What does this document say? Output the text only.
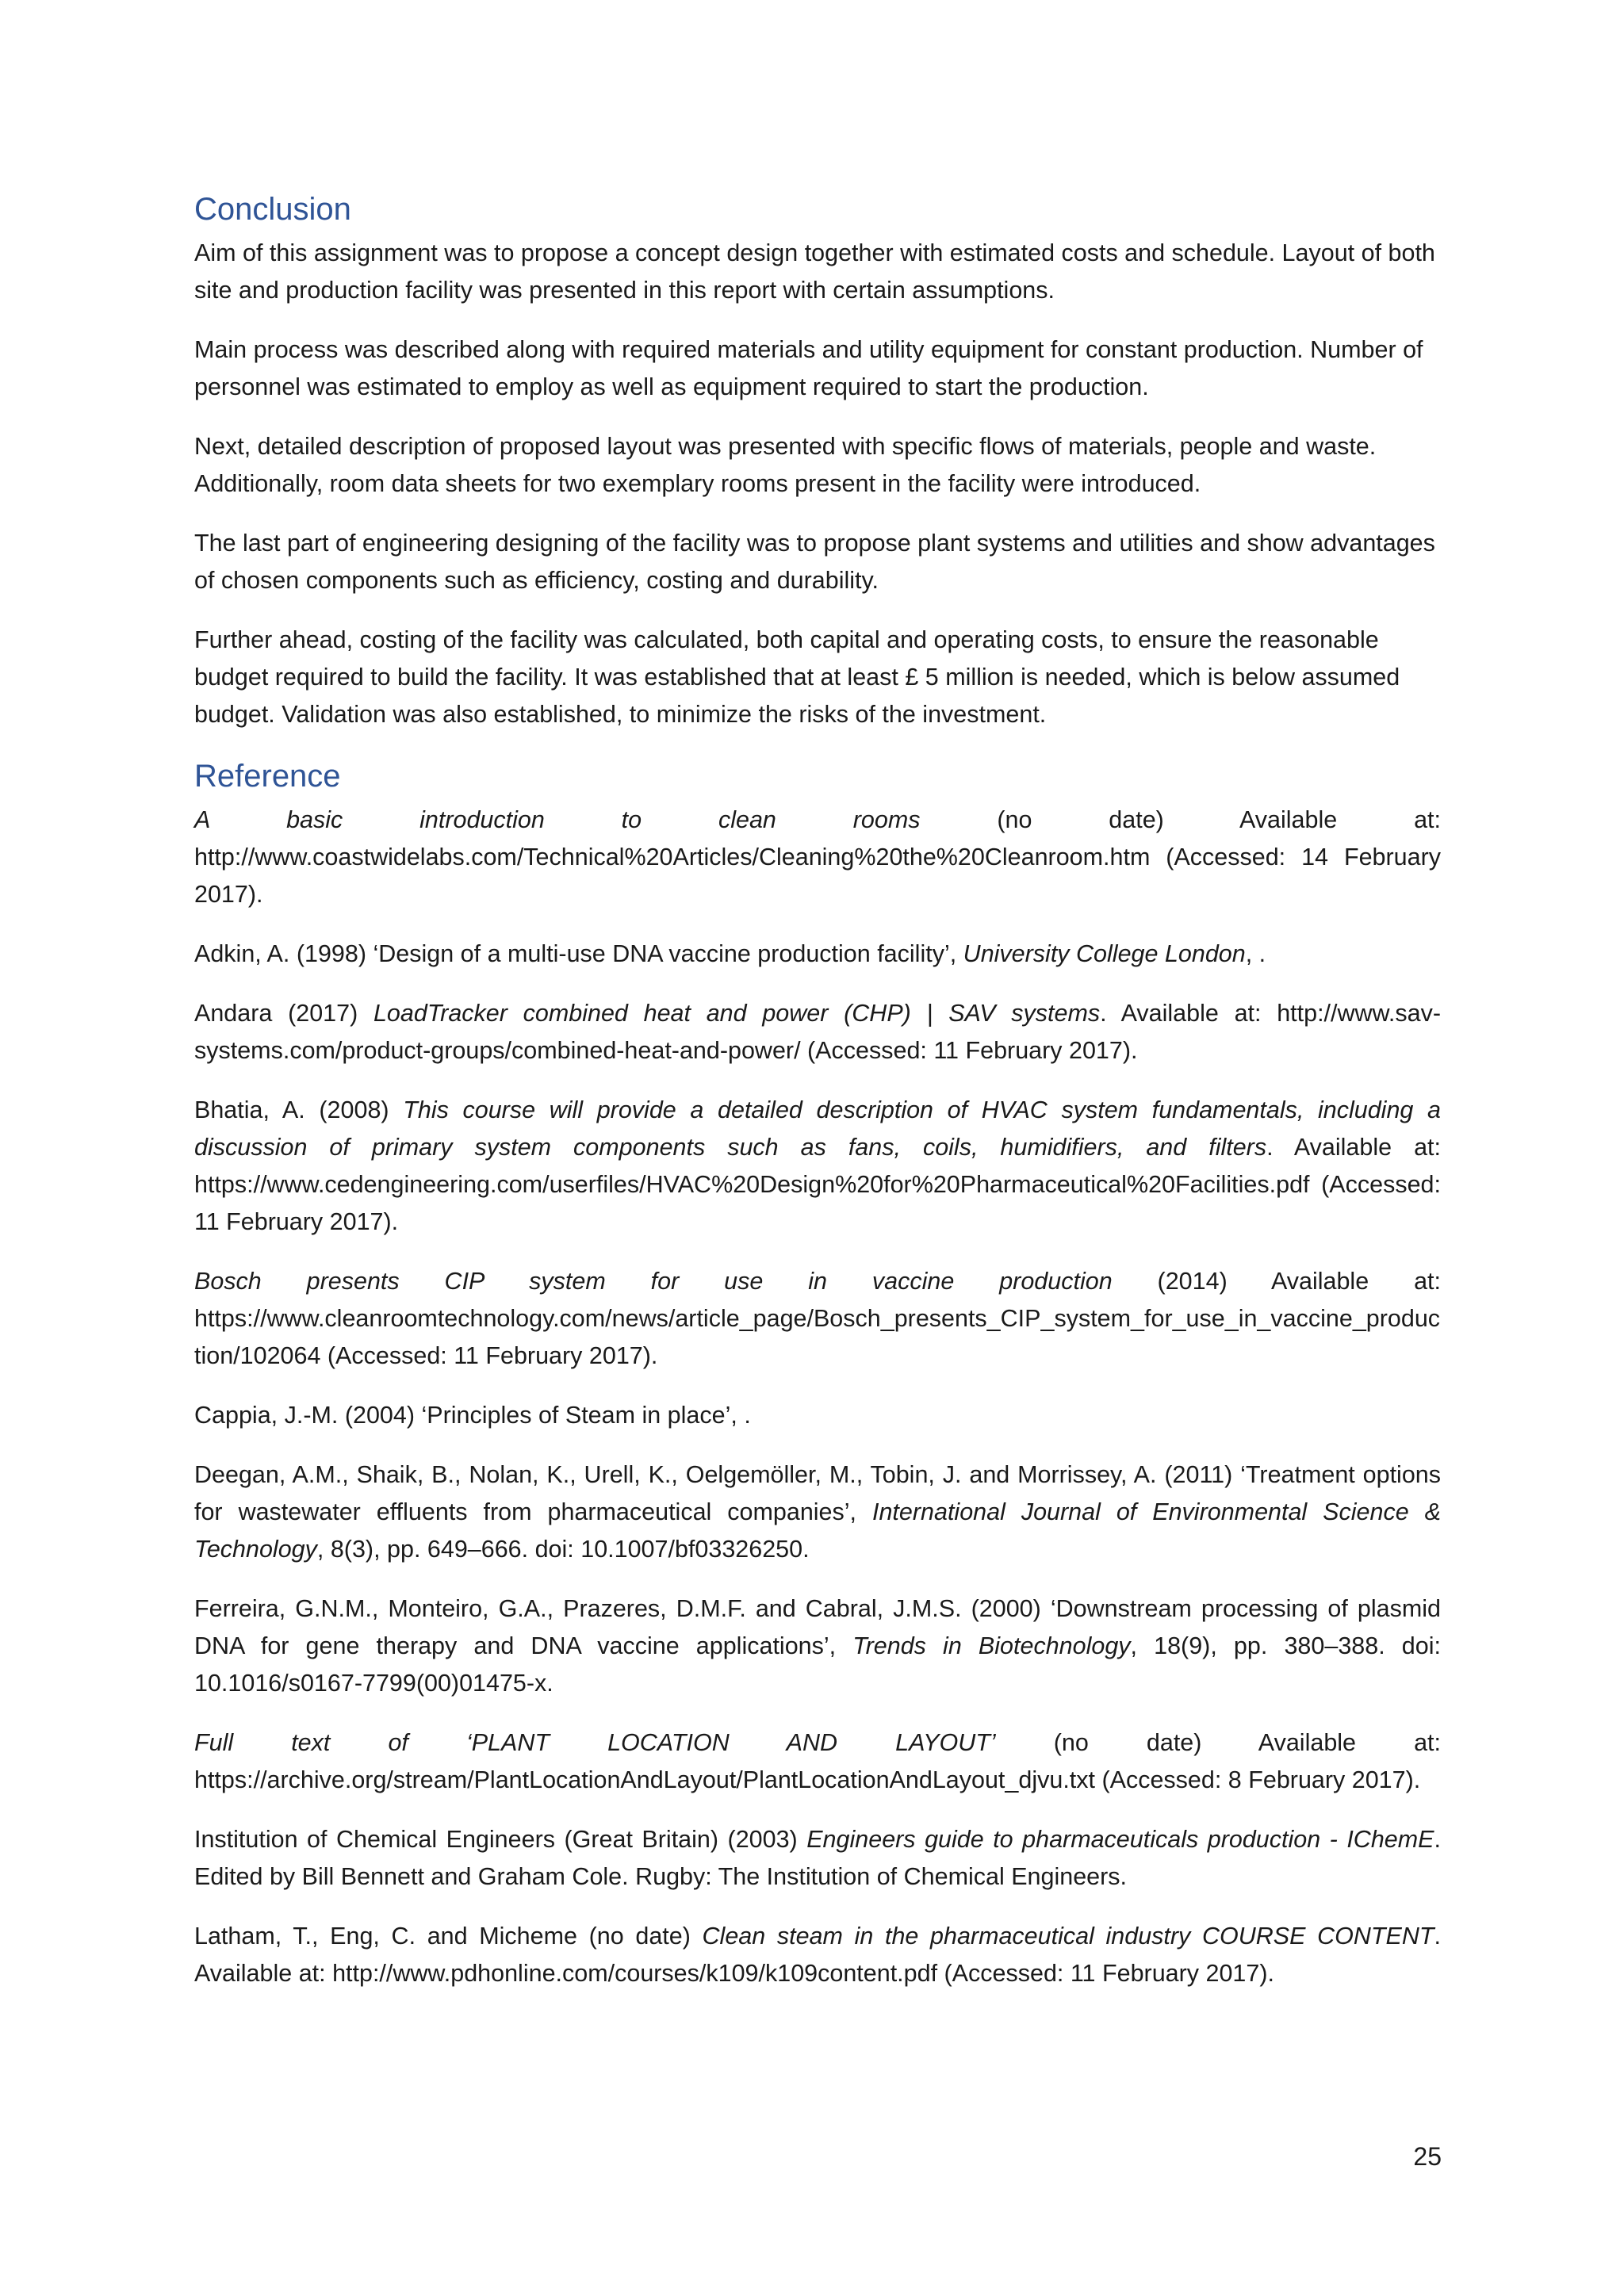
Conclusion

Aim of this assignment was to propose a concept design together with estimated costs and schedule. Layout of both site and production facility was presented in this report with certain assumptions.

Main process was described along with required materials and utility equipment for constant production. Number of personnel was estimated to employ as well as equipment required to start the production.

Next, detailed description of proposed layout was presented with specific flows of materials, people and waste. Additionally, room data sheets for two exemplary rooms present in the facility were introduced.

The last part of engineering designing of the facility was to propose plant systems and utilities and show advantages of chosen components such as efficiency, costing and durability.

Further ahead, costing of the facility was calculated, both capital and operating costs, to ensure the reasonable budget required to build the facility. It was established that at least £ 5 million is needed, which is below assumed budget. Validation was also established, to minimize the risks of the investment.

Reference

A basic introduction to clean rooms (no date) Available at: http://www.coastwidelabs.com/Technical%20Articles/Cleaning%20the%20Cleanroom.htm (Accessed: 14 February 2017).

Adkin, A. (1998) ‘Design of a multi-use DNA vaccine production facility’, University College London, .

Andara (2017) LoadTracker combined heat and power (CHP) | SAV systems. Available at: http://www.sav-systems.com/product-groups/combined-heat-and-power/ (Accessed: 11 February 2017).

Bhatia, A. (2008) This course will provide a detailed description of HVAC system fundamentals, including a discussion of primary system components such as fans, coils, humidifiers, and filters. Available at: https://www.cedengineering.com/userfiles/HVAC%20Design%20for%20Pharmaceutical%20Facilities.pdf (Accessed: 11 February 2017).

Bosch presents CIP system for use in vaccine production (2014) Available at: https://www.cleanroomtechnology.com/news/article_page/Bosch_presents_CIP_system_for_use_in_vaccine_production/102064 (Accessed: 11 February 2017).

Cappia, J.-M. (2004) ‘Principles of Steam in place’, .

Deegan, A.M., Shaik, B., Nolan, K., Urell, K., Oelgemöller, M., Tobin, J. and Morrissey, A. (2011) ‘Treatment options for wastewater effluents from pharmaceutical companies’, International Journal of Environmental Science & Technology, 8(3), pp. 649–666. doi: 10.1007/bf03326250.

Ferreira, G.N.M., Monteiro, G.A., Prazeres, D.M.F. and Cabral, J.M.S. (2000) ‘Downstream processing of plasmid DNA for gene therapy and DNA vaccine applications’, Trends in Biotechnology, 18(9), pp. 380–388. doi: 10.1016/s0167-7799(00)01475-x.

Full text of ‘PLANT LOCATION AND LAYOUT’ (no date) Available at: https://archive.org/stream/PlantLocationAndLayout/PlantLocationAndLayout_djvu.txt (Accessed: 8 February 2017).

Institution of Chemical Engineers (Great Britain) (2003) Engineers guide to pharmaceuticals production - IChemE. Edited by Bill Bennett and Graham Cole. Rugby: The Institution of Chemical Engineers.

Latham, T., Eng, C. and Micheme (no date) Clean steam in the pharmaceutical industry COURSE CONTENT. Available at: http://www.pdhonline.com/courses/k109/k109content.pdf (Accessed: 11 February 2017).

25
